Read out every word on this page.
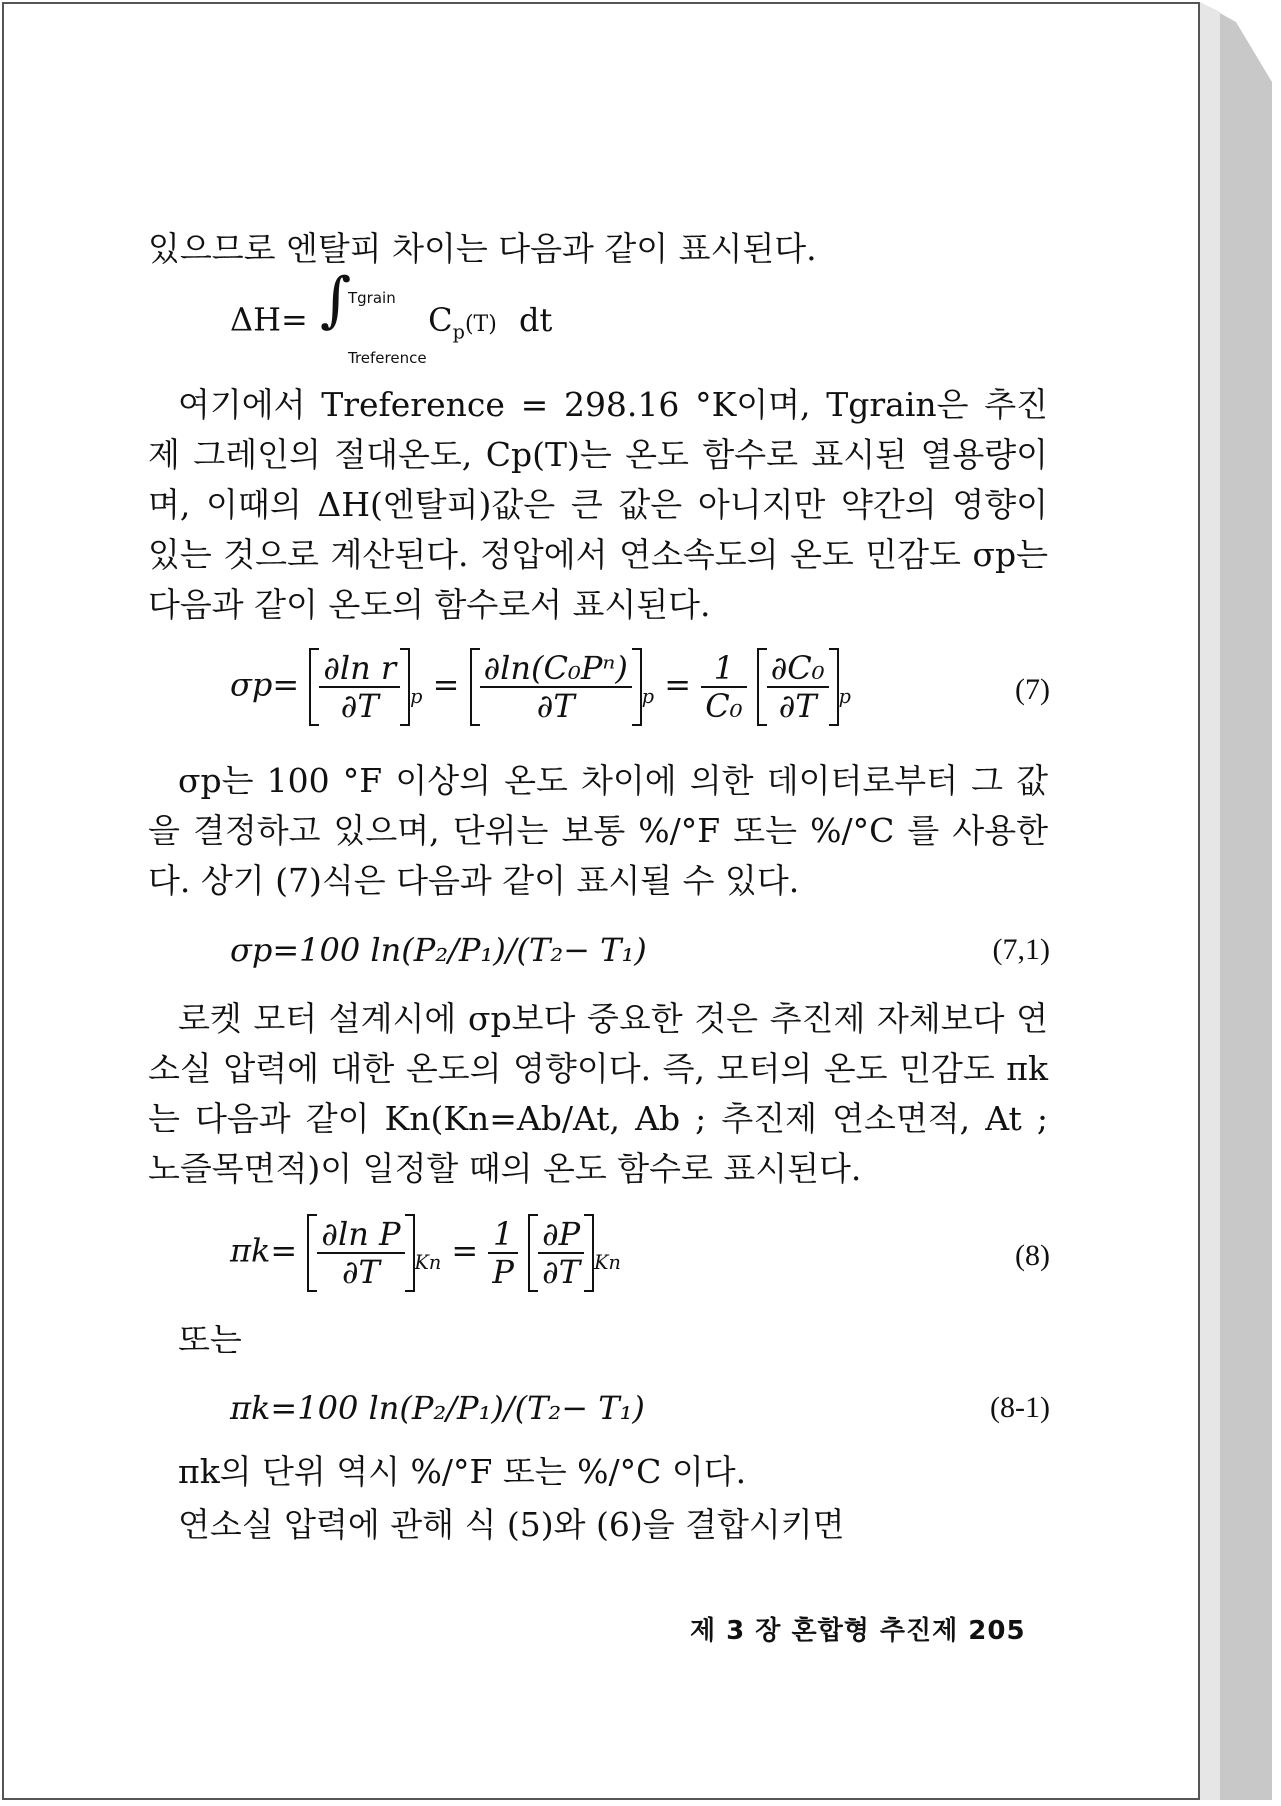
있으므로 엔탈피 차이는 다음과 같이 표시된다.
ΔH= ∫
Tgrain
Treference
$C_p(T)$ dt
여기에서 Treference = 298.16 °K이며, Tgrain은 추진제 그레인의 절대온도, Cp(T)는 온도 함수로 표시된 열용량이며, 이때의 ΔH(엔탈피)값은 큰 값은 아니지만 약간의 영향이 있는 것으로 계산된다. 정압에서 연소속도의 온도 민감도 σp는 다음과 같이 온도의 함수로서 표시된다.
$\sigma p= \frac{\text{∂ln r}}{\partial T} _p = \frac{\text{∂ln(C₀Pⁿ)}}{\partial T} _p = \frac{1}{\text{C₀}}$
$\frac{\text{∂C₀}}{\partial T} _p$	(7)
σp는 100 °F 이상의 온도 차이에 의한 데이터로부터 그 값을 결정하고 있으며, 단위는 보통 %/°F 또는 %/°C 를 사용한다. 상기 (7)식은 다음과 같이 표시될 수 있다.
σp=100 ln(P₂/P₁)/(T₂− T₁)	(7,1)
로켓 모터 설계시에 σp보다 중요한 것은 추진제 자체보다 연소실 압력에 대한 온도의 영향이다. 즉, 모터의 온도 민감도 πk는 다음과 같이 Kn(Kn=Ab/At, Ab ; 추진제 연소면적, At ; 노즐목면적)이 일정할 때의 온도 함수로 표시된다.
$\pi k= \frac{\text{∂ln P}}{\partial T} _{Kn} = \frac{1}{P}$
$\frac{\partial P}{\partial T} _{Kn}$	(8)
또는
πk=100 ln(P₂/P₁)/(T₂− T₁)	(8-1)
πk의 단위 역시 %/°F 또는 %/°C 이다.
연소실 압력에 관해 식 (5)와 (6)을 결합시키면
제 3 장 혼합형 추진제 205
